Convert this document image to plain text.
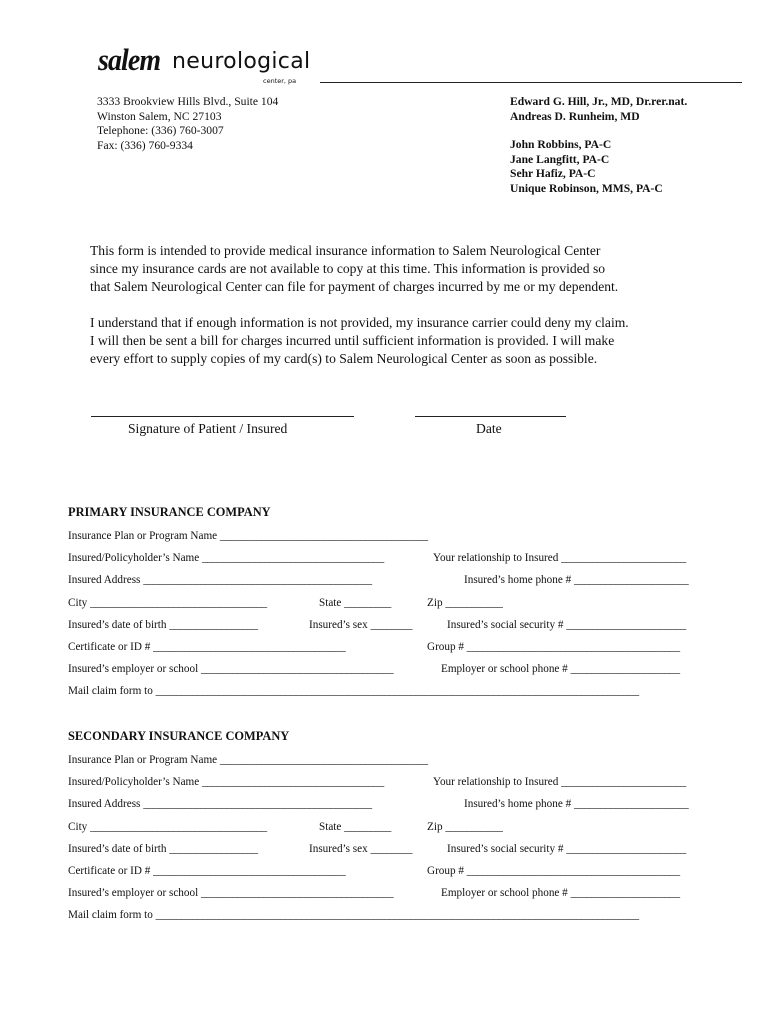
salem neurological
center, pa
3333 Brookview Hills Blvd., Suite 104
Winston Salem, NC 27103
Telephone: (336) 760-3007
Fax: (336) 760-9334
Edward G. Hill, Jr., MD, Dr.rer.nat.
Andreas D. Runheim, MD
John Robbins, PA-C
Jane Langfitt, PA-C
Sehr Hafiz, PA-C
Unique Robinson, MMS, PA-C
This form is intended to provide medical insurance information to Salem Neurological Center
since my insurance cards are not available to copy at this time. This information is provided so
that Salem Neurological Center can file for payment of charges incurred by me or my dependent.
I understand that if enough information is not provided, my insurance carrier could deny my claim.
I will then be sent a bill for charges incurred until sufficient information is provided. I will make
every effort to supply copies of my card(s) to Salem Neurological Center as soon as possible.
Signature of Patient / Insured	Date
PRIMARY INSURANCE COMPANY
Insurance Plan or Program Name ________________________________________
Insured/Policyholder’s Name ___________________________________	Your relationship to Insured ________________________
Insured Address ____________________________________________	Insured’s home phone # ______________________
City __________________________________	State _________	Zip ___________
Insured’s date of birth _________________	Insured’s sex ________	Insured’s social security # _______________________
Certificate or ID # _____________________________________	Group # _________________________________________
Insured’s employer or school _____________________________________	Employer or school phone # _____________________
Mail claim form to _____________________________________________________________________________________________
SECONDARY INSURANCE COMPANY
Insurance Plan or Program Name ________________________________________
Insured/Policyholder’s Name ___________________________________	Your relationship to Insured ________________________
Insured Address ____________________________________________	Insured’s home phone # ______________________
City __________________________________	State _________	Zip ___________
Insured’s date of birth _________________	Insured’s sex ________	Insured’s social security # _______________________
Certificate or ID # _____________________________________	Group # _________________________________________
Insured’s employer or school _____________________________________	Employer or school phone # _____________________
Mail claim form to _____________________________________________________________________________________________
